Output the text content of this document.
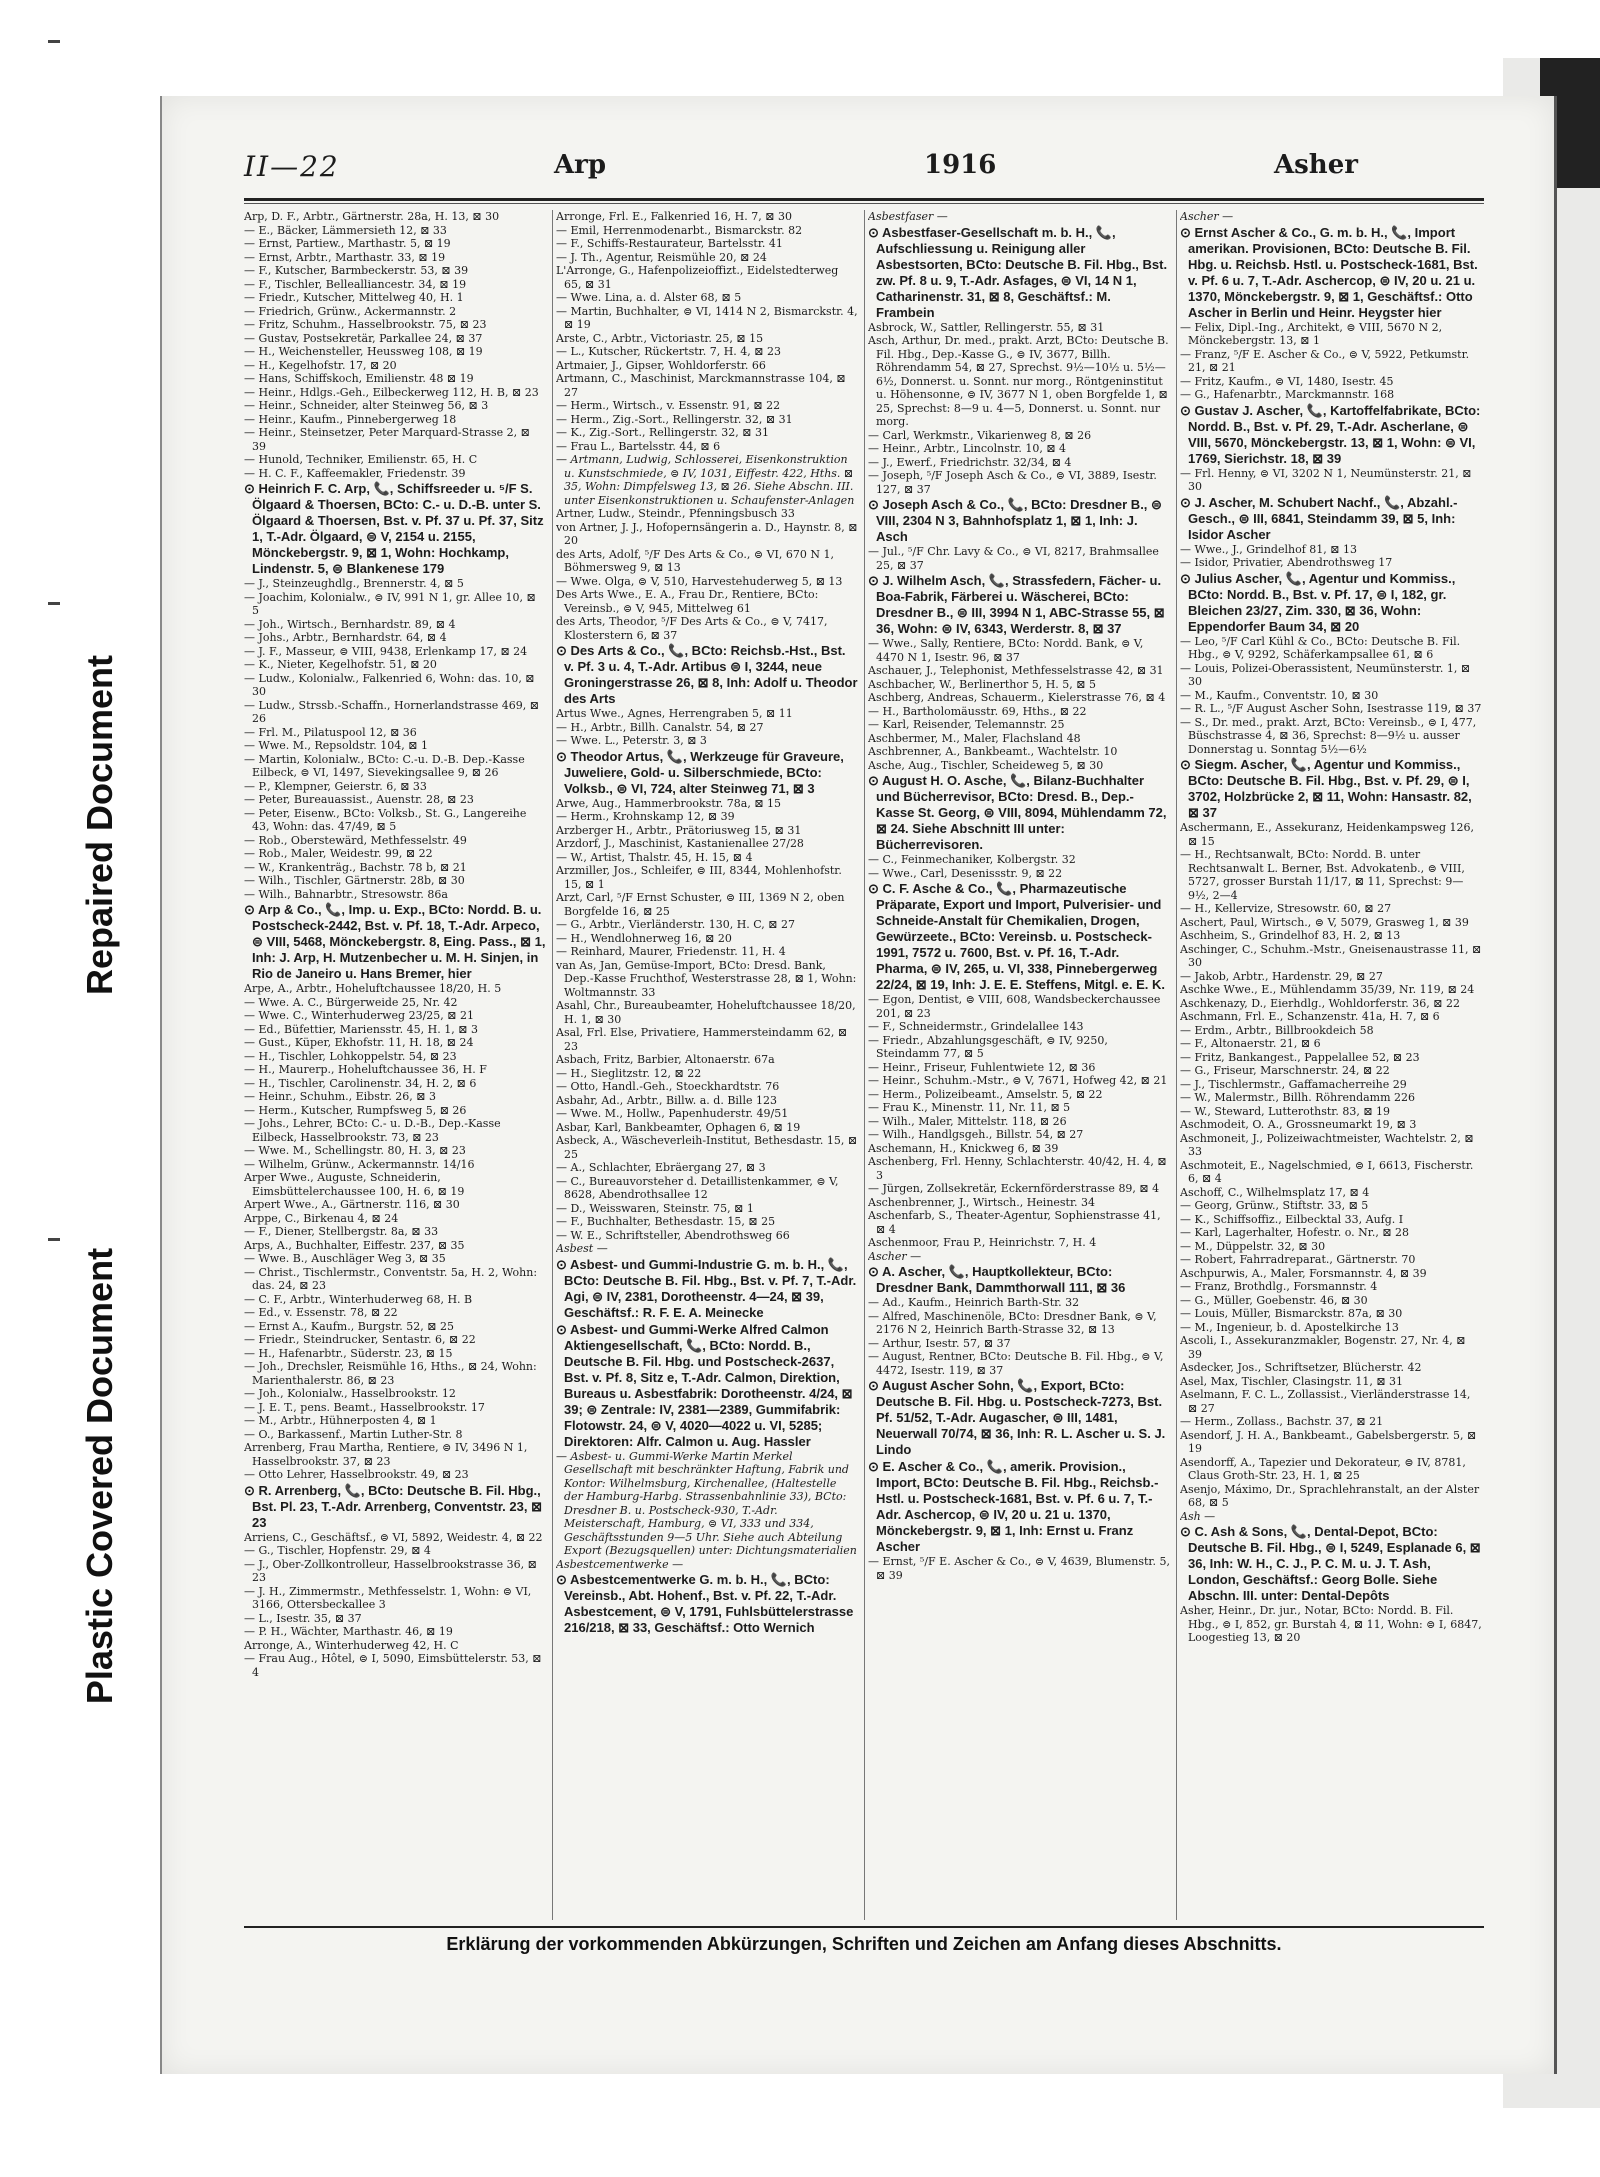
Repaired Document
Plastic Covered Document
II—22	Arp	1916	Asher

Arp, D. F., Arbtr., Gärtnerstr. 28a, H. 13, ⊠ 30

— E., Bäcker, Lämmersieth 12, ⊠ 33

— Ernst, Partiew., Marthastr. 5, ⊠ 19

— Ernst, Arbtr., Marthastr. 33, ⊠ 19

— F., Kutscher, Barmbeckerstr. 53, ⊠ 39

— F., Tischler, Bellealliancestr. 34, ⊠ 19

— Friedr., Kutscher, Mittelweg 40, H. 1

— Friedrich, Grünw., Ackermannstr. 2

— Fritz, Schuhm., Hasselbrookstr. 75, ⊠ 23

— Gustav, Postsekretär, Parkallee 24, ⊠ 37

— H., Weichensteller, Heussweg 108, ⊠ 19

— H., Kegelhofstr. 17, ⊠ 20

— Hans, Schiffskoch, Emilienstr. 48 ⊠ 19

— Heinr., Hdlgs.-Geh., Eilbeckerweg 112, H. B, ⊠ 23

— Heinr., Schneider, alter Steinweg 56, ⊠ 3

— Heinr., Kaufm., Pinnebergerweg 18

— Heinr., Steinsetzer, Peter Marquard-Strasse 2, ⊠ 39

— Hunold, Techniker, Emilienstr. 65, H. C

— H. C. F., Kaffeemakler, Friedenstr. 39

⊙ Heinrich F. C. Arp, 📞, Schiffsreeder u. ⁵/F S. Ölgaard & Thoersen, BCto: C.- u. D.-B. unter S. Ölgaard & Thoersen, Bst. v. Pf. 37 u. Pf. 37, Sitz 1, T.-Adr. Ölgaard, ⊜ V, 2154 u. 2155, Mönckebergstr. 9, ⊠ 1, Wohn: Hochkamp, Lindenstr. 5, ⊜ Blankenese 179

— J., Steinzeughdlg., Brennerstr. 4, ⊠ 5

— Joachim, Kolonialw., ⊜ IV, 991 N 1, gr. Allee 10, ⊠ 5

— Joh., Wirtsch., Bernhardstr. 89, ⊠ 4

— Johs., Arbtr., Bernhardstr. 64, ⊠ 4

— J. F., Masseur, ⊜ VIII, 9438, Erlenkamp 17, ⊠ 24

— K., Nieter, Kegelhofstr. 51, ⊠ 20

— Ludw., Kolonialw., Falkenried 6, Wohn: das. 10, ⊠ 30

— Ludw., Strssb.-Schaffn., Hornerlandstrasse 469, ⊠ 26

— Frl. M., Pilatuspool 12, ⊠ 36

— Wwe. M., Repsoldstr. 104, ⊠ 1

— Martin, Kolonialw., BCto: C.-u. D.-B. Dep.-Kasse Eilbeck, ⊜ VI, 1497, Sievekingsallee 9, ⊠ 26

— P., Klempner, Geierstr. 6, ⊠ 33

— Peter, Bureauassist., Auenstr. 28, ⊠ 23

— Peter, Eisenw., BCto: Volksb., St. G., Langereihe 43, Wohn: das. 47/49, ⊠ 5

— Rob., Oberstewärd, Methfesselstr. 49

— Rob., Maler, Weidestr. 99, ⊠ 22

— W., Krankenträg., Bachstr. 78 b, ⊠ 21

— Wilh., Tischler, Gärtnerstr. 28b, ⊠ 30

— Wilh., Bahnarbtr., Stresowstr. 86a

⊙ Arp & Co., 📞, Imp. u. Exp., BCto: Nordd. B. u. Postscheck-2442, Bst. v. Pf. 18, T.-Adr. Arpeco, ⊜ VIII, 5468, Mönckebergstr. 8, Eing. Pass., ⊠ 1, Inh: J. Arp, H. Mutzenbecher u. M. H. Sinjen, in Rio de Janeiro u. Hans Bremer, hier

Arpe, A., Arbtr., Hoheluftchaussee 18/20, H. 5

— Wwe. A. C., Bürgerweide 25, Nr. 42

— Wwe. C., Winterhuderweg 23/25, ⊠ 21

— Ed., Büfettier, Mariensstr. 45, H. 1, ⊠ 3

— Gust., Küper, Ekhofstr. 11, H. 18, ⊠ 24

— H., Tischler, Lohkoppelstr. 54, ⊠ 23

— H., Maurerp., Hoheluftchaussee 36, H. F

— H., Tischler, Carolinenstr. 34, H. 2, ⊠ 6

— Heinr., Schuhm., Eibstr. 26, ⊠ 3

— Herm., Kutscher, Rumpfsweg 5, ⊠ 26

— Johs., Lehrer, BCto: C.- u. D.-B., Dep.-Kasse Eilbeck, Hasselbrookstr. 73, ⊠ 23

— Wwe. M., Schellingstr. 80, H. 3, ⊠ 23

— Wilhelm, Grünw., Ackermannstr. 14/16

Arper Wwe., Auguste, Schneiderin, Eimsbüttelerchaussee 100, H. 6, ⊠ 19

Arpert Wwe., A., Gärtnerstr. 116, ⊠ 30

Arppe, C., Birkenau 4, ⊠ 24

— F., Diener, Stellbergstr. 8a, ⊠ 33

Arps, A., Buchhalter, Eiffestr. 237, ⊠ 35

— Wwe. B., Auschläger Weg 3, ⊠ 35

— Christ., Tischlermstr., Conventstr. 5a, H. 2, Wohn: das. 24, ⊠ 23

— C. F., Arbtr., Winterhuderweg 68, H. B

— Ed., v. Essenstr. 78, ⊠ 22

— Ernst A., Kaufm., Burgstr. 52, ⊠ 25

— Friedr., Steindrucker, Sentastr. 6, ⊠ 22

— H., Hafenarbtr., Süderstr. 23, ⊠ 15

— Joh., Drechsler, Reismühle 16, Hths., ⊠ 24, Wohn: Marienthalerstr. 86, ⊠ 23

— Joh., Kolonialw., Hasselbrookstr. 12

— J. E. T., pens. Beamt., Hasselbrookstr. 17

— M., Arbtr., Hühnerposten 4, ⊠ 1

— O., Barkassenf., Martin Luther-Str. 8

Arrenberg, Frau Martha, Rentiere, ⊜ IV, 3496 N 1, Hasselbrookstr. 37, ⊠ 23

— Otto Lehrer, Hasselbrookstr. 49, ⊠ 23

⊙ R. Arrenberg, 📞, BCto: Deutsche B. Fil. Hbg., Bst. Pl. 23, T.-Adr. Arrenberg, Conventstr. 23, ⊠ 23

Arriens, C., Geschäftsf., ⊜ VI, 5892, Weidestr. 4, ⊠ 22

— G., Tischler, Hopfenstr. 29, ⊠ 4

— J., Ober-Zollkontrolleur, Hasselbrookstrasse 36, ⊠ 23

— J. H., Zimmermstr., Methfesselstr. 1, Wohn: ⊜ VI, 3166, Ottersbeckallee 3

— L., Isestr. 35, ⊠ 37

— P. H., Wächter, Marthastr. 46, ⊠ 19

Arronge, A., Winterhuderweg 42, H. C

— Frau Aug., Hôtel, ⊜ I, 5090, Eimsbüttelerstr. 53, ⊠ 4

Arronge, Frl. E., Falkenried 16, H. 7, ⊠ 30

— Emil, Herrenmodenarbt., Bismarckstr. 82

— F., Schiffs-Restaurateur, Bartelsstr. 41

— J. Th., Agentur, Reismühle 20, ⊠ 24

L'Arronge, G., Hafenpolizeioffizt., Eidelstedterweg 65, ⊠ 31

— Wwe. Lina, a. d. Alster 68, ⊠ 5

— Martin, Buchhalter, ⊜ VI, 1414 N 2, Bismarckstr. 4, ⊠ 19

Arste, C., Arbtr., Victoriastr. 25, ⊠ 15

— L., Kutscher, Rückertstr. 7, H. 4, ⊠ 23

Artmaier, J., Gipser, Wohldorferstr. 66

Artmann, C., Maschinist, Marckmannstrasse 104, ⊠ 27

— Herm., Wirtsch., v. Essenstr. 91, ⊠ 22

— Herm., Zig.-Sort., Rellingerstr. 32, ⊠ 31

— K., Zig.-Sort., Rellingerstr. 32, ⊠ 31

— Frau L., Bartelsstr. 44, ⊠ 6

— Artmann, Ludwig, Schlosserei, Eisenkonstruktion u. Kunstschmiede, ⊜ IV, 1031, Eiffestr. 422, Hths. ⊠ 35, Wohn: Dimpfelsweg 13, ⊠ 26. Siehe Abschn. III. unter Eisenkonstruktionen u. Schaufenster-Anlagen

Artner, Ludw., Steindr., Pfenningsbusch 33

von Artner, J. J., Hofopernsängerin a. D., Haynstr. 8, ⊠ 20

des Arts, Adolf, ⁵/F Des Arts & Co., ⊜ VI, 670 N 1, Böhmersweg 9, ⊠ 13

— Wwe. Olga, ⊜ V, 510, Harvestehuderweg 5, ⊠ 13

Des Arts Wwe., E. A., Frau Dr., Rentiere, BCto: Vereinsb., ⊜ V, 945, Mittelweg 61

des Arts, Theodor, ⁵/F Des Arts & Co., ⊜ V, 7417, Klosterstern 6, ⊠ 37

⊙ Des Arts & Co., 📞, BCto: Reichsb.-Hst., Bst. v. Pf. 3 u. 4, T.-Adr. Artibus ⊜ I, 3244, neue Groningerstrasse 26, ⊠ 8, Inh: Adolf u. Theodor des Arts

Artus Wwe., Agnes, Herrengraben 5, ⊠ 11

— H., Arbtr., Billh. Canalstr. 54, ⊠ 27

— Wwe. L., Peterstr. 3, ⊠ 3

⊙ Theodor Artus, 📞, Werkzeuge für Graveure, Juweliere, Gold- u. Silberschmiede, BCto: Volksb., ⊜ VI, 724, alter Steinweg 71, ⊠ 3

Arwe, Aug., Hammerbrookstr. 78a, ⊠ 15

— Herm., Krohnskamp 12, ⊠ 39

Arzberger H., Arbtr., Prätoriusweg 15, ⊠ 31

Arzdorf, J., Maschinist, Kastanienallee 27/28

— W., Artist, Thalstr. 45, H. 15, ⊠ 4

Arzmiller, Jos., Schleifer, ⊜ III, 8344, Mohlenhofstr. 15, ⊠ 1

Arzt, Carl, ⁵/F Ernst Schuster, ⊜ III, 1369 N 2, oben Borgfelde 16, ⊠ 25

— G., Arbtr., Vierländerstr. 130, H. C, ⊠ 27

— H., Wendlohnerweg 16, ⊠ 20

— Reinhard, Maurer, Friedenstr. 11, H. 4

van As, Jan, Gemüse-Import, BCto: Dresd. Bank, Dep.-Kasse Fruchthof, Westerstrasse 28, ⊠ 1, Wohn: Woltmannstr. 33

Asahl, Chr., Bureaubeamter, Hoheluftchaussee 18/20, H. 1, ⊠ 30

Asal, Frl. Else, Privatiere, Hammersteindamm 62, ⊠ 23

Asbach, Fritz, Barbier, Altonaerstr. 67a

— H., Sieglitzstr. 12, ⊠ 22

— Otto, Handl.-Geh., Stoeckhardtstr. 76

Asbahr, Ad., Arbtr., Billw. a. d. Bille 123

— Wwe. M., Hollw., Papenhuderstr. 49/51

Asbar, Karl, Bankbeamter, Ophagen 6, ⊠ 19

Asbeck, A., Wäscheverleih-Institut, Bethesdastr. 15, ⊠ 25

— A., Schlachter, Ebräergang 27, ⊠ 3

— C., Bureauvorsteher d. Detaillistenkammer, ⊜ V, 8628, Abendrothsallee 12

— D., Weisswaren, Steinstr. 75, ⊠ 1

— F., Buchhalter, Bethesdastr. 15, ⊠ 25

— W. E., Schriftsteller, Abendrothsweg 66

Asbest —

⊙ Asbest- und Gummi-Industrie G. m. b. H., 📞, BCto: Deutsche B. Fil. Hbg., Bst. v. Pf. 7, T.-Adr. Agi, ⊜ IV, 2381, Dorotheenstr. 4—24, ⊠ 39, Geschäftsf.: R. F. E. A. Meinecke

⊙ Asbest- und Gummi-Werke Alfred Calmon Aktiengesellschaft, 📞, BCto: Nordd. B., Deutsche B. Fil. Hbg. und Postscheck-2637, Bst. v. Pf. 8, Sitz e, T.-Adr. Calmon, Direktion, Bureaus u. Asbestfabrik: Dorotheenstr. 4/24, ⊠ 39; ⊜ Zentrale: IV, 2381—2389, Gummifabrik: Flotowstr. 24, ⊜ V, 4020—4022 u. VI, 5285; Direktoren: Alfr. Calmon u. Aug. Hassler

— Asbest- u. Gummi-Werke Martin Merkel Gesellschaft mit beschränkter Haftung, Fabrik und Kontor: Wilhelmsburg, Kirchenallee, (Haltestelle der Hamburg-Harbg. Strassenbahnlinie 33), BCto: Dresdner B. u. Postscheck-930, T.-Adr. Meisterschaft, Hamburg, ⊜ VI, 333 und 334, Geschäftsstunden 9—5 Uhr. Siehe auch Abteilung Export (Bezugsquellen) unter: Dichtungsmaterialien

Asbestcementwerke —

⊙ Asbestcementwerke G. m. b. H., 📞, BCto: Vereinsb., Abt. Hohenf., Bst. v. Pf. 22, T.-Adr. Asbestcement, ⊜ V, 1791, Fuhlsbüttelerstrasse 216/218, ⊠ 33, Geschäftsf.: Otto Wernich

Asbestfaser —

⊙ Asbestfaser-Gesellschaft m. b. H., 📞, Aufschliessung u. Reinigung aller Asbestsorten, BCto: Deutsche B. Fil. Hbg., Bst. zw. Pf. 8 u. 9, T.-Adr. Asfages, ⊜ VI, 14 N 1, Catharinenstr. 31, ⊠ 8, Geschäftsf.: M. Frambein

Asbrock, W., Sattler, Rellingerstr. 55, ⊠ 31

Asch, Arthur, Dr. med., prakt. Arzt, BCto: Deutsche B. Fil. Hbg., Dep.-Kasse G., ⊜ IV, 3677, Billh. Röhrendamm 54, ⊠ 27, Sprechst. 9½—10½ u. 5½—6½, Donnerst. u. Sonnt. nur morg., Röntgeninstitut u. Höhensonne, ⊜ IV, 3677 N 1, oben Borgfelde 1, ⊠ 25, Sprechst: 8—9 u. 4—5, Donnerst. u. Sonnt. nur morg.

— Carl, Werkmstr., Vikarienweg 8, ⊠ 26

— Heinr., Arbtr., Lincolnstr. 10, ⊠ 4

— J., Ewerf., Friedrichstr. 32/34, ⊠ 4

— Joseph, ⁵/F Joseph Asch & Co., ⊜ VI, 3889, Isestr. 127, ⊠ 37

⊙ Joseph Asch & Co., 📞, BCto: Dresdner B., ⊜ VIII, 2304 N 3, Bahnhofsplatz 1, ⊠ 1, Inh: J. Asch

— Jul., ⁵/F Chr. Lavy & Co., ⊜ VI, 8217, Brahmsallee 25, ⊠ 37

⊙ J. Wilhelm Asch, 📞, Strassfedern, Fächer- u. Boa-Fabrik, Färberei u. Wäscherei, BCto: Dresdner B., ⊜ III, 3994 N 1, ABC-Strasse 55, ⊠ 36, Wohn: ⊜ IV, 6343, Werderstr. 8, ⊠ 37

— Wwe., Sally, Rentiere, BCto: Nordd. Bank, ⊜ V, 4470 N 1, Isestr. 96, ⊠ 37

Aschauer, J., Telephonist, Methfesselstrasse 42, ⊠ 31

Aschbacher, W., Berlinerthor 5, H. 5, ⊠ 5

Aschberg, Andreas, Schauerm., Kielerstrasse 76, ⊠ 4

— H., Bartholomäusstr. 69, Hths., ⊠ 22

— Karl, Reisender, Telemannstr. 25

Aschbermer, M., Maler, Flachsland 48

Aschbrenner, A., Bankbeamt., Wachtelstr. 10

Asche, Aug., Tischler, Scheideweg 5, ⊠ 30

⊙ August H. O. Asche, 📞, Bilanz-Buchhalter und Bücherrevisor, BCto: Dresd. B., Dep.-Kasse St. Georg, ⊜ VIII, 8094, Mühlendamm 72, ⊠ 24. Siehe Abschnitt III unter: Bücherrevisoren.

— C., Feinmechaniker, Kolbergstr. 32

— Wwe., Carl, Desenissstr. 9, ⊠ 22

⊙ C. F. Asche & Co., 📞, Pharmazeutische Präparate, Export und Import, Pulverisier- und Schneide-Anstalt für Chemikalien, Drogen, Gewürzeete., BCto: Vereinsb. u. Postscheck-1991, 7572 u. 7600, Bst. v. Pf. 16, T.-Adr. Pharma, ⊜ IV, 265, u. VI, 338, Pinnebergerweg 22/24, ⊠ 19, Inh: J. E. E. Steffens, Mitgl. e. E. K.

— Egon, Dentist, ⊜ VIII, 608, Wandsbeckerchaussee 201, ⊠ 23

— F., Schneidermstr., Grindelallee 143

— Friedr., Abzahlungsgeschäft, ⊜ IV, 9250, Steindamm 77, ⊠ 5

— Heinr., Friseur, Fuhlentwiete 12, ⊠ 36

— Heinr., Schuhm.-Mstr., ⊜ V, 7671, Hofweg 42, ⊠ 21

— Herm., Polizeibeamt., Amselstr. 5, ⊠ 22

— Frau K., Minenstr. 11, Nr. 11, ⊠ 5

— Wilh., Maler, Mittelstr. 118, ⊠ 26

— Wilh., Handlgsgeh., Billstr. 54, ⊠ 27

Aschemann, H., Knickweg 6, ⊠ 39

Aschenberg, Frl. Henny, Schlachterstr. 40/42, H. 4, ⊠ 3

— Jürgen, Zollsekretär, Eckernförderstrasse 89, ⊠ 4

Aschenbrenner, J., Wirtsch., Heinestr. 34

Aschenfarb, S., Theater-Agentur, Sophienstrasse 41, ⊠ 4

Aschenmoor, Frau P., Heinrichstr. 7, H. 4

Ascher —

⊙ A. Ascher, 📞, Hauptkollekteur, BCto: Dresdner Bank, Dammthorwall 111, ⊠ 36

— Ad., Kaufm., Heinrich Barth-Str. 32

— Alfred, Maschinenöle, BCto: Dresdner Bank, ⊜ V, 2176 N 2, Heinrich Barth-Strasse 32, ⊠ 13

— Arthur, Isestr. 57, ⊠ 37

— August, Rentner, BCto: Deutsche B. Fil. Hbg., ⊜ V, 4472, Isestr. 119, ⊠ 37

⊙ August Ascher Sohn, 📞, Export, BCto: Deutsche B. Fil. Hbg. u. Postscheck-7273, Bst. Pf. 51/52, T.-Adr. Augascher, ⊜ III, 1481, Neuerwall 70/74, ⊠ 36, Inh: R. L. Ascher u. S. J. Lindo

⊙ E. Ascher & Co., 📞, amerik. Provision., Import, BCto: Deutsche B. Fil. Hbg., Reichsb.-Hstl. u. Postscheck-1681, Bst. v. Pf. 6 u. 7, T.-Adr. Aschercop, ⊜ IV, 20 u. 21 u. 1370, Mönckebergstr. 9, ⊠ 1, Inh: Ernst u. Franz Ascher

— Ernst, ⁵/F E. Ascher & Co., ⊜ V, 4639, Blumenstr. 5, ⊠ 39

Ascher —

⊙ Ernst Ascher & Co., G. m. b. H., 📞, Import amerikan. Provisionen, BCto: Deutsche B. Fil. Hbg. u. Reichsb. Hstl. u. Postscheck-1681, Bst. v. Pf. 6 u. 7, T.-Adr. Aschercop, ⊜ IV, 20 u. 21 u. 1370, Mönckebergstr. 9, ⊠ 1, Geschäftsf.: Otto Ascher in Berlin und Heinr. Heygster hier

— Felix, Dipl.-Ing., Architekt, ⊜ VIII, 5670 N 2, Mönckebergstr. 13, ⊠ 1

— Franz, ⁵/F E. Ascher & Co., ⊜ V, 5922, Petkumstr. 21, ⊠ 21

— Fritz, Kaufm., ⊜ VI, 1480, Isestr. 45

— G., Hafenarbtr., Marckmannstr. 168

⊙ Gustav J. Ascher, 📞, Kartoffelfabrikate, BCto: Nordd. B., Bst. v. Pf. 29, T.-Adr. Ascherlane, ⊜ VIII, 5670, Mönckebergstr. 13, ⊠ 1, Wohn: ⊜ VI, 1769, Sierichstr. 18, ⊠ 39

— Frl. Henny, ⊜ VI, 3202 N 1, Neumünsterstr. 21, ⊠ 30

⊙ J. Ascher, M. Schubert Nachf., 📞, Abzahl.-Gesch., ⊜ III, 6841, Steindamm 39, ⊠ 5, Inh: Isidor Ascher

— Wwe., J., Grindelhof 81, ⊠ 13

— Isidor, Privatier, Abendrothsweg 17

⊙ Julius Ascher, 📞, Agentur und Kommiss., BCto: Nordd. B., Bst. v. Pf. 17, ⊜ I, 182, gr. Bleichen 23/27, Zim. 330, ⊠ 36, Wohn: Eppendorfer Baum 34, ⊠ 20

— Leo, ⁵/F Carl Kühl & Co., BCto: Deutsche B. Fil. Hbg., ⊜ V, 9292, Schäferkampsallee 61, ⊠ 6

— Louis, Polizei-Oberassistent, Neumünsterstr. 1, ⊠ 30

— M., Kaufm., Conventstr. 10, ⊠ 30

— R. L., ⁵/F August Ascher Sohn, Isestrasse 119, ⊠ 37

— S., Dr. med., prakt. Arzt, BCto: Vereinsb., ⊜ I, 477, Büschstrasse 4, ⊠ 36, Sprechst: 8—9½ u. ausser Donnerstag u. Sonntag 5½—6½

⊙ Siegm. Ascher, 📞, Agentur und Kommiss., BCto: Deutsche B. Fil. Hbg., Bst. v. Pf. 29, ⊜ I, 3702, Holzbrücke 2, ⊠ 11, Wohn: Hansastr. 82, ⊠ 37

Aschermann, E., Assekuranz, Heidenkampsweg 126, ⊠ 15

— H., Rechtsanwalt, BCto: Nordd. B. unter Rechtsanwalt L. Berner, Bst. Advokatenb., ⊜ VIII, 5727, grosser Burstah 11/17, ⊠ 11, Sprechst: 9—9½, 2—4

— H., Kellervize, Stresowstr. 60, ⊠ 27

Aschert, Paul, Wirtsch., ⊜ V, 5079, Grasweg 1, ⊠ 39

Aschheim, S., Grindelhof 83, H. 2, ⊠ 13

Aschinger, C., Schuhm.-Mstr., Gneisenaustrasse 11, ⊠ 30

— Jakob, Arbtr., Hardenstr. 29, ⊠ 27

Aschke Wwe., E., Mühlendamm 35/39, Nr. 119, ⊠ 24

Aschkenazy, D., Eierhdlg., Wohldorferstr. 36, ⊠ 22

Aschmann, Frl. E., Schanzenstr. 41a, H. 7, ⊠ 6

— Erdm., Arbtr., Billbrookdeich 58

— F., Altonaerstr. 21, ⊠ 6

— Fritz, Bankangest., Pappelallee 52, ⊠ 23

— G., Friseur, Marschnerstr. 24, ⊠ 22

— J., Tischlermstr., Gaffamacherreihe 29

— W., Malermstr., Billh. Röhrendamm 226

— W., Steward, Lutterothstr. 83, ⊠ 19

Aschmodeit, O. A., Grossneumarkt 19, ⊠ 3

Aschmoneit, J., Polizeiwachtmeister, Wachtelstr. 2, ⊠ 33

Aschmoteit, E., Nagelschmied, ⊜ I, 6613, Fischerstr. 6, ⊠ 4

Aschoff, C., Wilhelmsplatz 17, ⊠ 4

— Georg, Grünw., Stiftstr. 33, ⊠ 5

— K., Schiffsoffiz., Eilbecktal 33, Aufg. I

— Karl, Lagerhalter, Hofestr. o. Nr., ⊠ 28

— M., Düppelstr. 32, ⊠ 30

— Robert, Fahrradreparat., Gärtnerstr. 70

Aschpurwis, A., Maler, Forsmannstr. 4, ⊠ 39

— Franz, Brothdlg., Forsmannstr. 4

— G., Müller, Goebenstr. 46, ⊠ 30

— Louis, Müller, Bismarckstr. 87a, ⊠ 30

— M., Ingenieur, b. d. Apostelkirche 13

Ascoli, I., Assekuranzmakler, Bogenstr. 27, Nr. 4, ⊠ 39

Asdecker, Jos., Schriftsetzer, Blücherstr. 42

Asel, Max, Tischler, Clasingstr. 11, ⊠ 31

Aselmann, F. C. L., Zollassist., Vierländerstrasse 14, ⊠ 27

— Herm., Zollass., Bachstr. 37, ⊠ 21

Asendorf, J. H. A., Bankbeamt., Gabelsbergerstr. 5, ⊠ 19

Asendorff, A., Tapezier und Dekorateur, ⊜ IV, 8781, Claus Groth-Str. 23, H. 1, ⊠ 25

Asenjo, Máximo, Dr., Sprachlehranstalt, an der Alster 68, ⊠ 5

Ash —

⊙ C. Ash & Sons, 📞, Dental-Depot, BCto: Deutsche B. Fil. Hbg., ⊜ I, 5249, Esplanade 6, ⊠ 36, Inh: W. H., C. J., P. C. M. u. J. T. Ash, London, Geschäftsf.: Georg Bolle. Siehe Abschn. III. unter: Dental-Depôts

Asher, Heinr., Dr. jur., Notar, BCto: Nordd. B. Fil. Hbg., ⊜ I, 852, gr. Burstah 4, ⊠ 11, Wohn: ⊜ I, 6847, Loogestieg 13, ⊠ 20

Erklärung der vorkommenden Abkürzungen, Schriften und Zeichen am Anfang dieses Abschnitts.
